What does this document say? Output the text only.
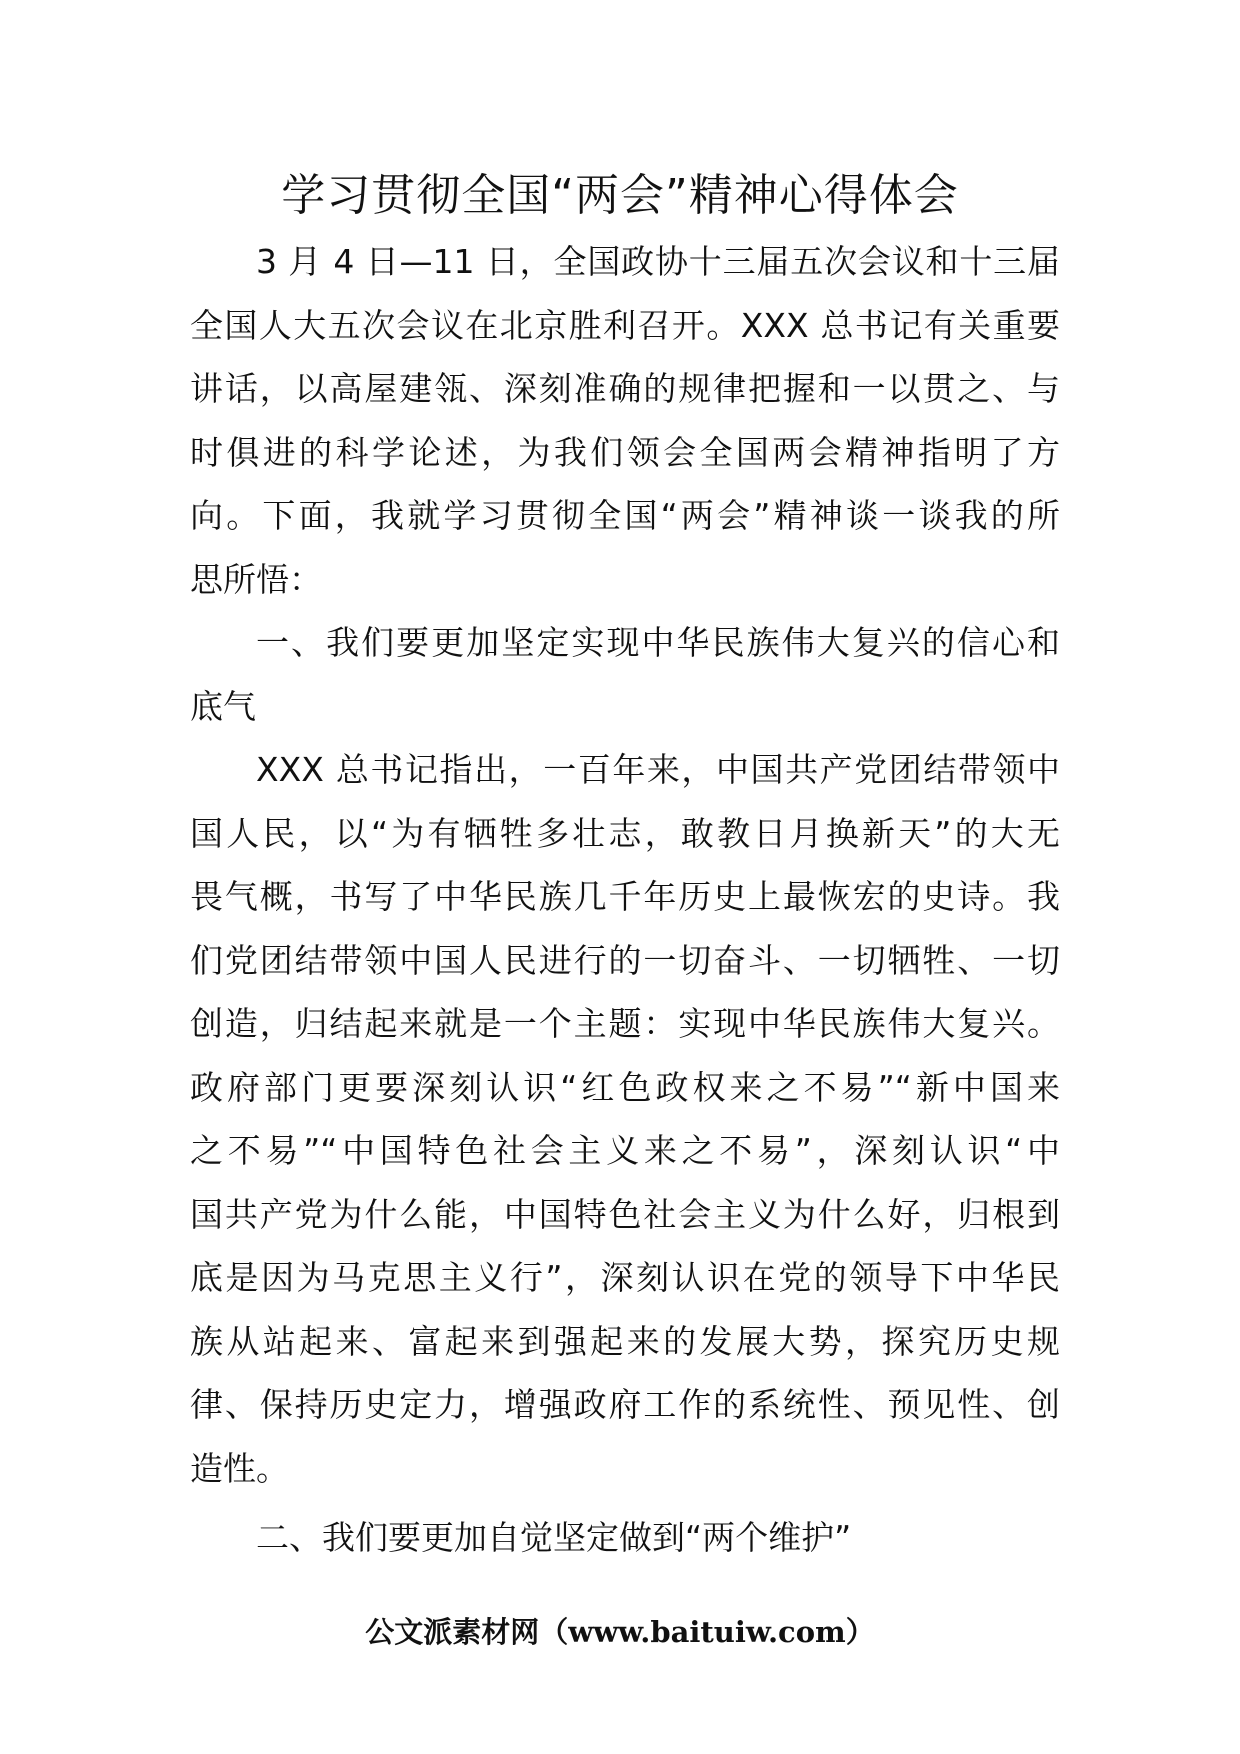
学习贯彻全国“两会”精神心得体会
3 月 4 日—11 日，全国政协十三届五次会议和十三届
全国人大五次会议在北京胜利召开。XXX 总书记有关重要
讲话，以高屋建瓴、深刻准确的规律把握和一以贯之、与
时俱进的科学论述，为我们领会全国两会精神指明了方
向。下面，我就学习贯彻全国“两会”精神谈一谈我的所
思所悟：
一、我们要更加坚定实现中华民族伟大复兴的信心和
底气
XXX 总书记指出，一百年来，中国共产党团结带领中
国人民，以“为有牺牲多壮志，敢教日月换新天”的大无
畏气概，书写了中华民族几千年历史上最恢宏的史诗。我
们党团结带领中国人民进行的一切奋斗、一切牺牲、一切
创造，归结起来就是一个主题：实现中华民族伟大复兴。
政府部门更要深刻认识“红色政权来之不易”“新中国来
之不易”“中国特色社会主义来之不易”，深刻认识“中
国共产党为什么能，中国特色社会主义为什么好，归根到
底是因为马克思主义行”，深刻认识在党的领导下中华民
族从站起来、富起来到强起来的发展大势，探究历史规
律、保持历史定力，增强政府工作的系统性、预见性、创
造性。
二、我们要更加自觉坚定做到“两个维护”
公文派素材网（www.baituiw.com）
